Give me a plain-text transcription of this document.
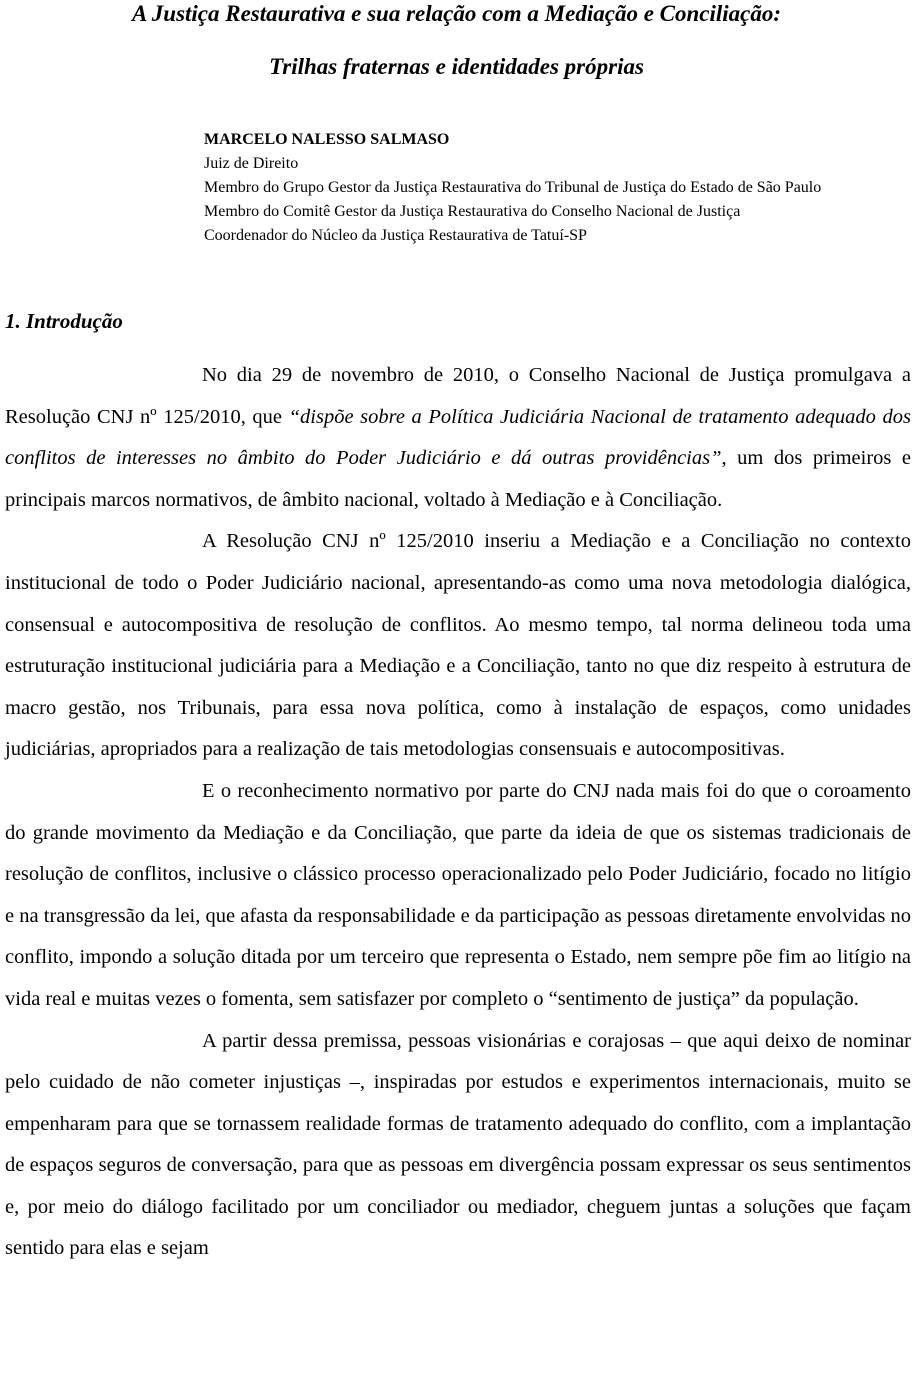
A Justiça Restaurativa e sua relação com a Mediação e Conciliação:
Trilhas fraternas e identidades próprias
MARCELO NALESSO SALMASO
Juiz de Direito
Membro do Grupo Gestor da Justiça Restaurativa do Tribunal de Justiça do Estado de São Paulo
Membro do Comitê Gestor da Justiça Restaurativa do Conselho Nacional de Justiça
Coordenador do Núcleo da Justiça Restaurativa de Tatuí-SP
1. Introdução

No dia 29 de novembro de 2010, o Conselho Nacional de Justiça promulgava a Resolução CNJ nº 125/2010, que “dispõe sobre a Política Judiciária Nacional de tratamento adequado dos conflitos de interesses no âmbito do Poder Judiciário e dá outras providências”, um dos primeiros e principais marcos normativos, de âmbito nacional, voltado à Mediação e à Conciliação.

A Resolução CNJ nº 125/2010 inseriu a Mediação e a Conciliação no contexto institucional de todo o Poder Judiciário nacional, apresentando-as como uma nova metodologia dialógica, consensual e autocompositiva de resolução de conflitos. Ao mesmo tempo, tal norma delineou toda uma estruturação institucional judiciária para a Mediação e a Conciliação, tanto no que diz respeito à estrutura de macro gestão, nos Tribunais, para essa nova política, como à instalação de espaços, como unidades judiciárias, apropriados para a realização de tais metodologias consensuais e autocompositivas.

E o reconhecimento normativo por parte do CNJ nada mais foi do que o coroamento do grande movimento da Mediação e da Conciliação, que parte da ideia de que os sistemas tradicionais de resolução de conflitos, inclusive o clássico processo operacionalizado pelo Poder Judiciário, focado no litígio e na transgressão da lei, que afasta da responsabilidade e da participação as pessoas diretamente envolvidas no conflito, impondo a solução ditada por um terceiro que representa o Estado, nem sempre põe fim ao litígio na vida real e muitas vezes o fomenta, sem satisfazer por completo o “sentimento de justiça” da população.

A partir dessa premissa, pessoas visionárias e corajosas – que aqui deixo de nominar pelo cuidado de não cometer injustiças –, inspiradas por estudos e experimentos internacionais, muito se empenharam para que se tornassem realidade formas de tratamento adequado do conflito, com a implantação de espaços seguros de conversação, para que as pessoas em divergência possam expressar os seus sentimentos e, por meio do diálogo facilitado por um conciliador ou mediador, cheguem juntas a soluções que façam sentido para elas e sejam
